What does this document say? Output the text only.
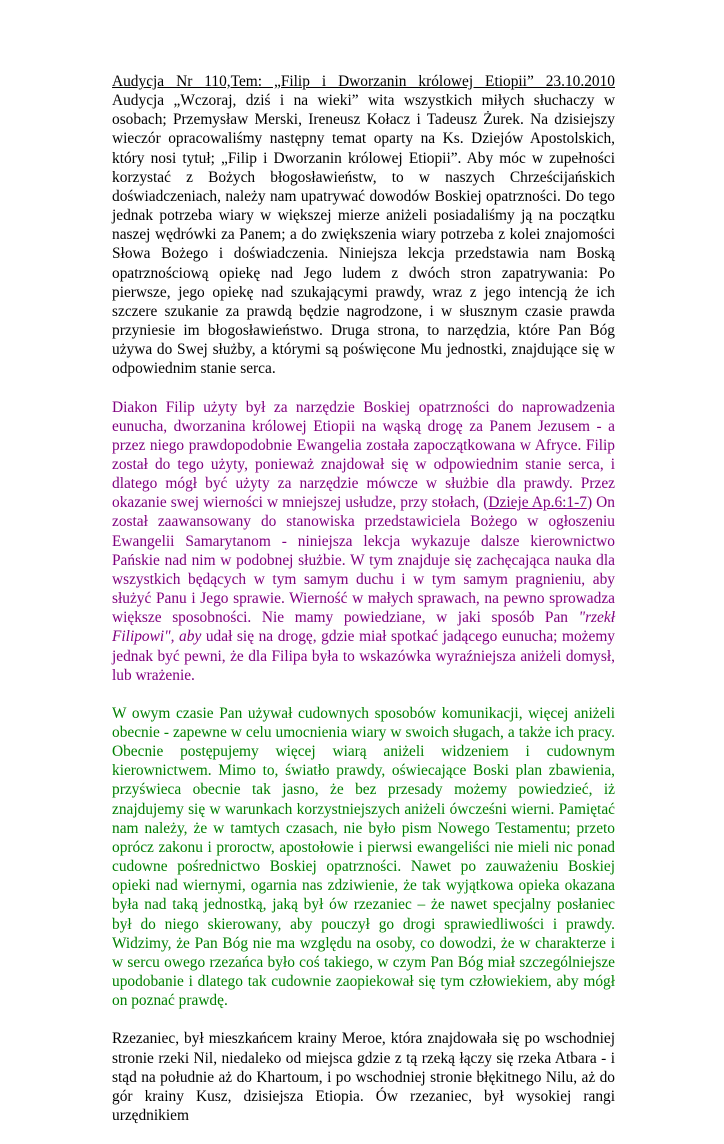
Audycja Nr 110,Tem: „Filip i Dworzanin królowej Etiopii” 23.10.2010
Audycja „Wczoraj, dziś i na wieki” wita wszystkich miłych słuchaczy w osobach; Przemysław Merski, Ireneusz Kołacz i Tadeusz Żurek. Na dzisiejszy wieczór opracowaliśmy następny temat oparty na Ks. Dziejów Apostolskich, który nosi tytuł; „Filip i Dworzanin królowej Etiopii”. Aby móc w zupełności korzystać z Bożych błogosławieństw, to w naszych Chrześcijańskich doświadczeniach, należy nam upatrywać dowodów Boskiej opatrzności. Do tego jednak potrzeba wiary w większej mierze aniżeli posiadaliśmy ją na początku naszej wędrówki za Panem; a do zwiększenia wiary potrzeba z kolei znajomości Słowa Bożego i doświadczenia. Niniejsza lekcja przedstawia nam Boską opatrznościową opiekę nad Jego ludem z dwóch stron zapatrywania: Po pierwsze, jego opiekę nad szukającymi prawdy, wraz z jego intencją że ich szczere szukanie za prawdą będzie nagrodzone, i w słusznym czasie prawda przyniesie im błogosławieństwo. Druga strona, to narzędzia, które Pan Bóg używa do Swej służby, a którymi są poświęcone Mu jednostki, znajdujące się w odpowiednim stanie serca.

Diakon Filip użyty był za narzędzie Boskiej opatrzności do naprowadzenia eunucha, dworzanina królowej Etiopii na wąską drogę za Panem Jezusem - a przez niego prawdopodobnie Ewangelia została zapoczątkowana w Afryce. Filip został do tego użyty, ponieważ znajdował się w odpowiednim stanie serca, i dlatego mógł być użyty za narzędzie mówcze w służbie dla prawdy. Przez okazanie swej wierności w mniejszej usłudze, przy stołach, (Dzieje Ap.6:1-7) On został zaawansowany do stanowiska przedstawiciela Bożego w ogłoszeniu Ewangelii Samarytanom - niniejsza lekcja wykazuje dalsze kierownictwo Pańskie nad nim w podobnej służbie. W tym znajduje się zachęcająca nauka dla wszystkich będących w tym samym duchu i w tym samym pragnieniu, aby służyć Panu i Jego sprawie. Wierność w małych sprawach, na pewno sprowadza większe sposobności. Nie mamy powiedziane, w jaki sposób Pan "rzekł Filipowi", aby udał się na drogę, gdzie miał spotkać jadącego eunucha; możemy jednak być pewni, że dla Filipa była to wskazówka wyraźniejsza aniżeli domysł, lub wrażenie.

W owym czasie Pan używał cudownych sposobów komunikacji, więcej aniżeli obecnie - zapewne w celu umocnienia wiary w swoich sługach, a także ich pracy. Obecnie postępujemy więcej wiarą aniżeli widzeniem i cudownym kierownictwem. Mimo to, światło prawdy, oświecające Boski plan zbawienia, przyświeca obecnie tak jasno, że bez przesady możemy powiedzieć, iż znajdujemy się w warunkach korzystniejszych aniżeli ówcześni wierni. Pamiętać nam należy, że w tamtych czasach, nie było pism Nowego Testamentu; przeto oprócz zakonu i proroctw, apostołowie i pierwsi ewangeliści nie mieli nic ponad cudowne pośrednictwo Boskiej opatrzności. Nawet po zauważeniu Boskiej opieki nad wiernymi, ogarnia nas zdziwienie, że tak wyjątkowa opieka okazana była nad taką jednostką, jaką był ów rzezaniec – że nawet specjalny posłaniec był do niego skierowany, aby pouczył go drogi sprawiedliwości i prawdy. Widzimy, że Pan Bóg nie ma względu na osoby, co dowodzi, że w charakterze i w sercu owego rzezańca było coś takiego, w czym Pan Bóg miał szczególniejsze upodobanie i dlatego tak cudownie zaopiekował się tym człowiekiem, aby mógł on poznać prawdę.

Rzezaniec, był mieszkańcem krainy Meroe, która znajdowała się po wschodniej stronie rzeki Nil, niedaleko od miejsca gdzie z tą rzeką łączy się rzeka Atbara - i stąd na południe aż do Khartoum, i po wschodniej stronie błękitnego Nilu, aż do gór krainy Kusz, dzisiejsza Etiopia. Ów rzezaniec, był wysokiej rangi urzędnikiem
